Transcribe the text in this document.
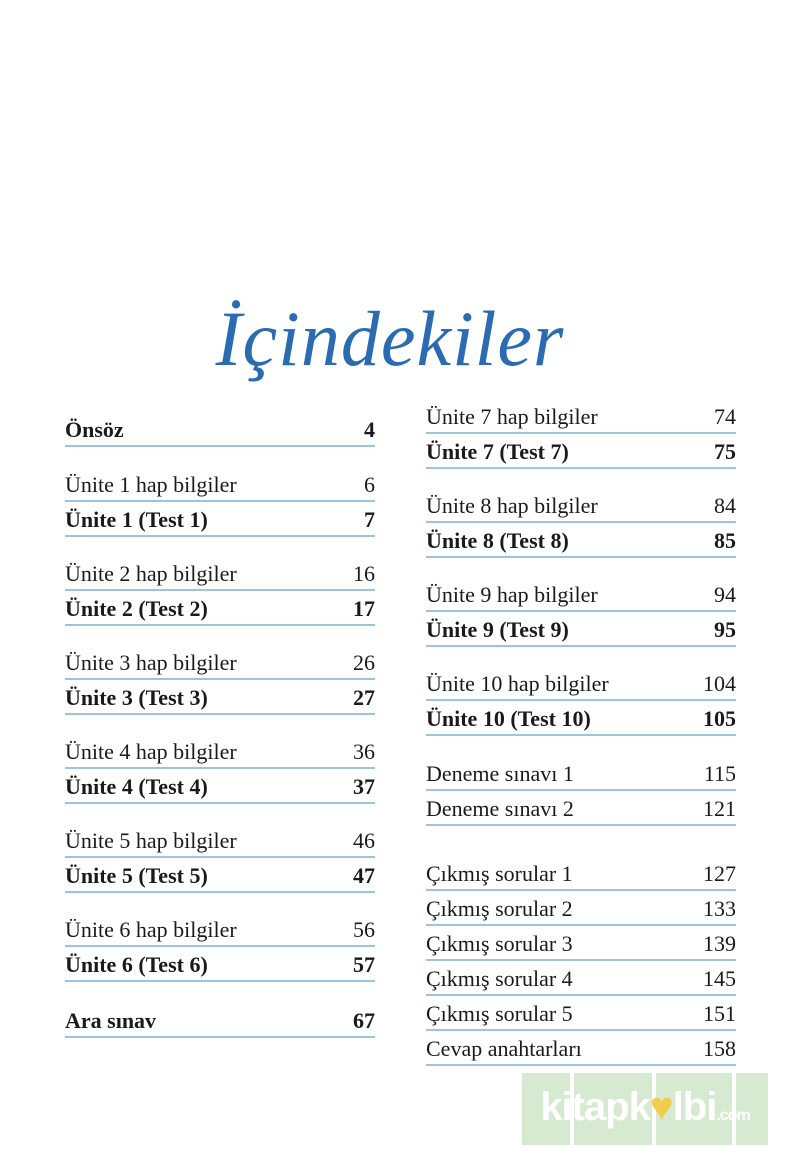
İçindekiler
Önsöz	4
Ünite 1 hap bilgiler	6
Ünite 1 (Test 1)	7
Ünite 2 hap bilgiler	16
Ünite 2 (Test 2)	17
Ünite 3 hap bilgiler	26
Ünite 3 (Test 3)	27
Ünite 4 hap bilgiler	36
Ünite 4 (Test 4)	37
Ünite 5 hap bilgiler	46
Ünite 5 (Test 5)	47
Ünite 6 hap bilgiler	56
Ünite 6 (Test 6)	57
Ara sınav	67
Ünite 7 hap bilgiler	74
Ünite 7 (Test 7)	75
Ünite 8 hap bilgiler	84
Ünite 8 (Test 8)	85
Ünite 9 hap bilgiler	94
Ünite 9 (Test 9)	95
Ünite 10 hap bilgiler	104
Ünite 10 (Test 10)	105
Deneme sınavı 1	115
Deneme sınavı 2	121
Çıkmış sorular 1	127
Çıkmış sorular 2	133
Çıkmış sorular 3	139
Çıkmış sorular 4	145
Çıkmış sorular 5	151
Cevap anahtarları	158
kitapk♥lbi.com
